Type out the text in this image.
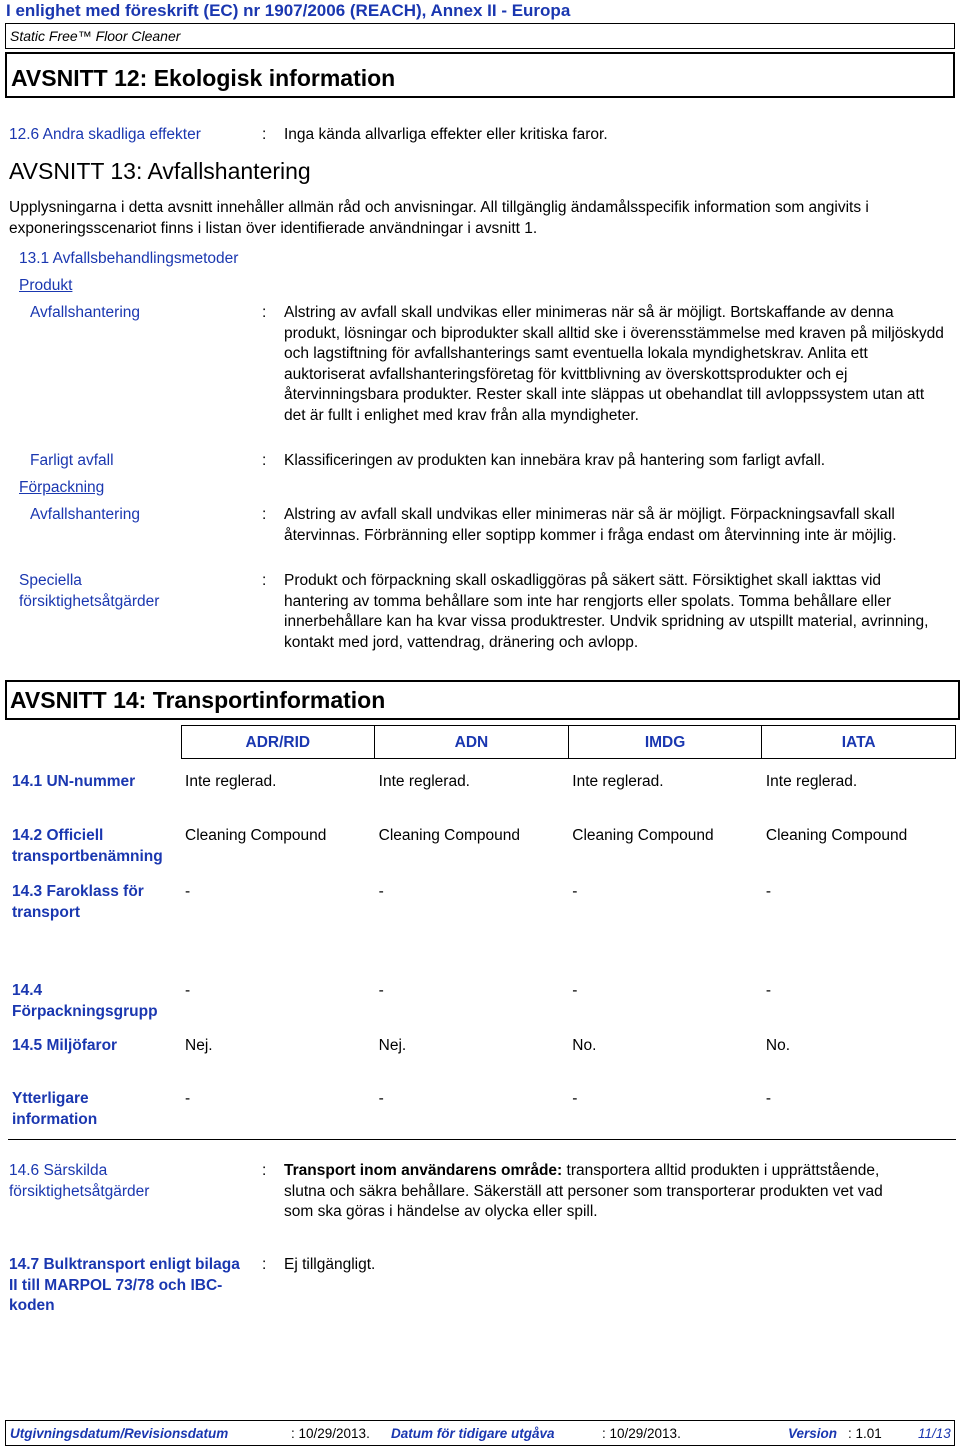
I enlighet med föreskrift (EC) nr 1907/2006 (REACH), Annex II - Europa
Static Free™ Floor Cleaner
AVSNITT 12: Ekologisk information
12.6 Andra skadliga effekter	: Inga kända allvarliga effekter eller kritiska faror.
AVSNITT 13: Avfallshantering
Upplysningarna i detta avsnitt innehåller allmän råd och anvisningar. All tillgänglig ändamålsspecifik information som angivits i exponeringsscenariot finns i listan över identifierade användningar i avsnitt 1.
13.1 Avfallsbehandlingsmetoder
Produkt
Avfallshantering	: Alstring av avfall skall undvikas eller minimeras när så är möjligt. Bortskaffande av denna produkt, lösningar och biprodukter skall alltid ske i överensstämmelse med kraven på miljöskydd och lagstiftning för avfallshanterings samt eventuella lokala myndighetskrav. Anlita ett auktoriserat avfallshanteringsföretag för kvittblivning av överskottsprodukter och ej återvinningsbara produkter. Rester skall inte släppas ut obehandlat till avloppssystem utan att det är fullt i enlighet med krav från alla myndigheter.
Farligt avfall	: Klassificeringen av produkten kan innebära krav på hantering som farligt avfall.
Förpackning
Avfallshantering	: Alstring av avfall skall undvikas eller minimeras när så är möjligt. Förpackningsavfall skall återvinnas. Förbränning eller soptipp kommer i fråga endast om återvinning inte är möjlig.
Speciella försiktighetsåtgärder
: Produkt och förpackning skall oskadliggöras på säkert sätt. Försiktighet skall iakttas vid hantering av tomma behållare som inte har rengjorts eller spolats. Tomma behållare eller innerbehållare kan ha kvar vissa produktrester. Undvik spridning av utspillt material, avrinning, kontakt med jord, vattendrag, dränering och avlopp.
AVSNITT 14: Transportinformation
	ADR/RID	ADN	IMDG	IATA

14.1 UN-nummer	Inte reglerad.	Inte reglerad.	Inte reglerad.	Inte reglerad.
14.2 Officiell transportbenämning	Cleaning Compound	Cleaning Compound	Cleaning Compound	Cleaning Compound
14.3 Faroklass för transport	-	-	-	-
14.4 Förpackningsgrupp	-	-	-	-
14.5 Miljöfaror	Nej.	Nej.	No.	No.
Ytterligare information	-	-	-	-
14.6 Särskilda försiktighetsåtgärder
: Transport inom användarens område: transportera alltid produkten i upprättstående, slutna och säkra behållare. Säkerställ att personer som transporterar produkten vet vad som ska göras i händelse av olycka eller spill.
14.7 Bulktransport enligt bilaga II till MARPOL 73/78 och IBC-koden
: Ej tillgängligt.
Utgivningsdatum/Revisionsdatum	: 10/29/2013. Datum för tidigare utgåva	: 10/29/2013.	Version : 1.01	11/13
